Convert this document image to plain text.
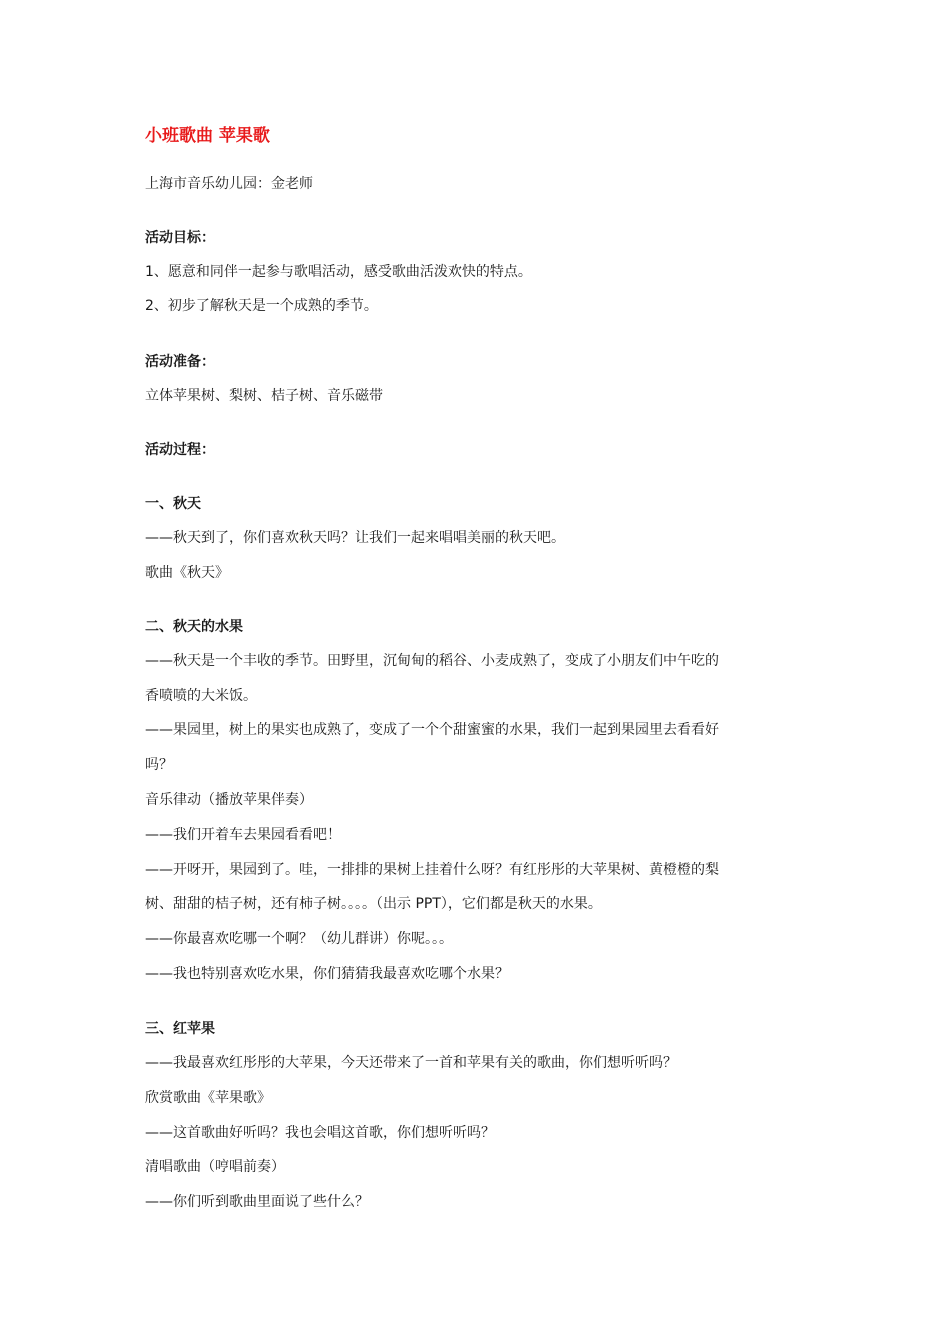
小班歌曲 苹果歌
上海市音乐幼儿园：金老师
活动目标：
1、愿意和同伴一起参与歌唱活动，感受歌曲活泼欢快的特点。
2、初步了解秋天是一个成熟的季节。
活动准备：
立体苹果树、梨树、桔子树、音乐磁带
活动过程：
一、秋天
——秋天到了，你们喜欢秋天吗？让我们一起来唱唱美丽的秋天吧。
歌曲《秋天》
二、秋天的水果
——秋天是一个丰收的季节。田野里，沉甸甸的稻谷、小麦成熟了，变成了小朋友们中午吃的
香喷喷的大米饭。
——果园里，树上的果实也成熟了，变成了一个个甜蜜蜜的水果，我们一起到果园里去看看好
吗？
音乐律动（播放苹果伴奏）
——我们开着车去果园看看吧！
——开呀开，果园到了。哇，一排排的果树上挂着什么呀？有红彤彤的大苹果树、黄橙橙的梨
树、甜甜的桔子树，还有柿子树。。。。（出示 PPT），它们都是秋天的水果。
——你最喜欢吃哪一个啊？（幼儿群讲）你呢。。。
——我也特别喜欢吃水果，你们猜猜我最喜欢吃哪个水果？
三、红苹果
——我最喜欢红彤彤的大苹果，今天还带来了一首和苹果有关的歌曲，你们想听听吗？
欣赏歌曲《苹果歌》
——这首歌曲好听吗？我也会唱这首歌，你们想听听吗？
清唱歌曲（哼唱前奏）
——你们听到歌曲里面说了些什么？
